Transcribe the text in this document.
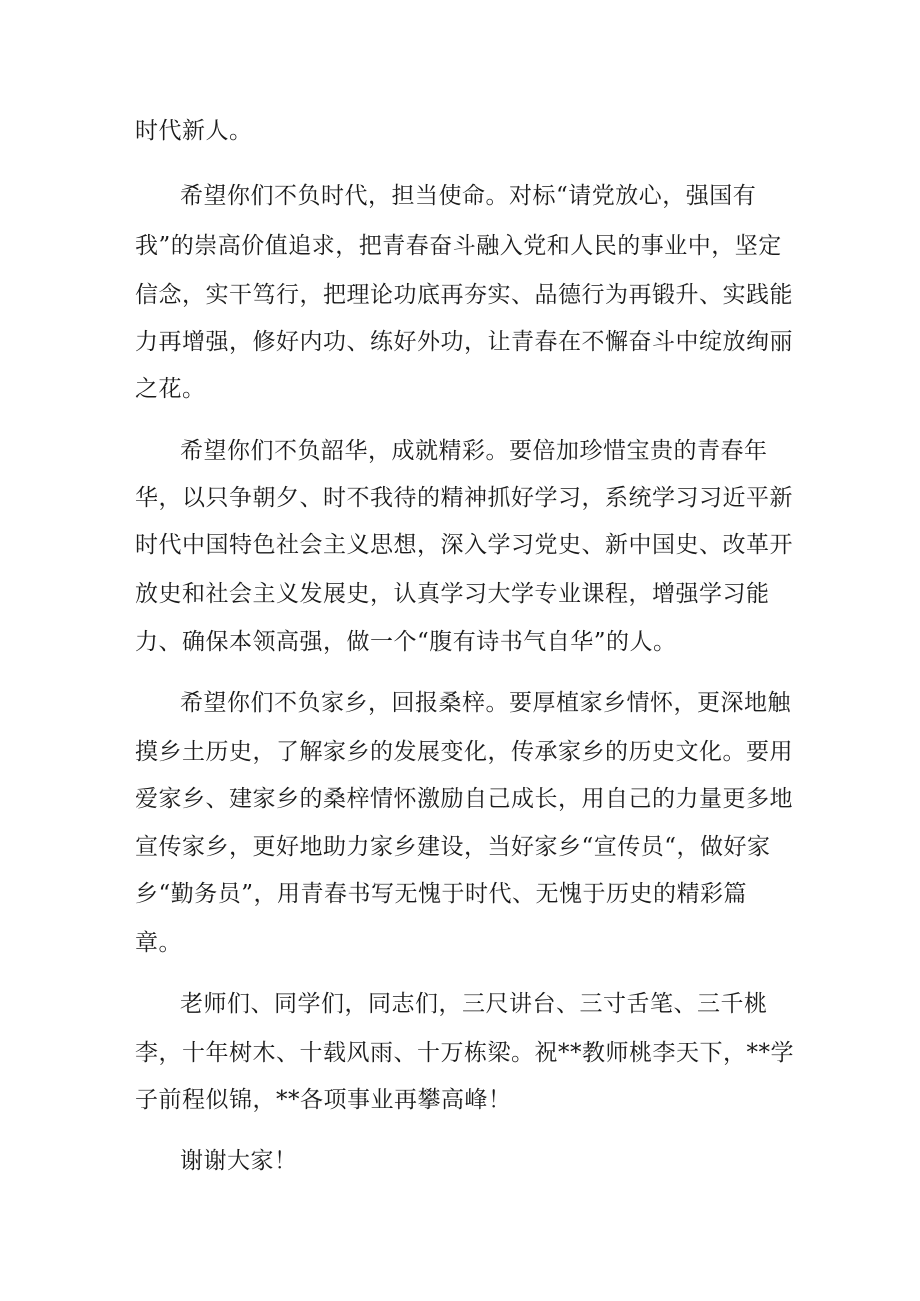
时代新人。
希望你们不负时代，担当使命。对标“请党放心，强国有
我”的崇高价值追求，把青春奋斗融入党和人民的事业中，坚定
信念，实干笃行，把理论功底再夯实、品德行为再锻升、实践能
力再增强，修好内功、练好外功，让青春在不懈奋斗中绽放绚丽
之花。
希望你们不负韶华，成就精彩。要倍加珍惜宝贵的青春年
华，以只争朝夕、时不我待的精神抓好学习，系统学习习近平新
时代中国特色社会主义思想，深入学习党史、新中国史、改革开
放史和社会主义发展史，认真学习大学专业课程，增强学习能
力、确保本领高强，做一个“腹有诗书气自华”的人。
希望你们不负家乡，回报桑梓。要厚植家乡情怀，更深地触
摸乡土历史，了解家乡的发展变化，传承家乡的历史文化。要用
爱家乡、建家乡的桑梓情怀激励自己成长，用自己的力量更多地
宣传家乡，更好地助力家乡建设，当好家乡“宣传员“，做好家
乡“勤务员”，用青春书写无愧于时代、无愧于历史的精彩篇
章。
老师们、同学们，同志们，三尺讲台、三寸舌笔、三千桃
李，十年树木、十载风雨、十万栋梁。祝**教师桃李天下，**学
子前程似锦，**各项事业再攀高峰！
谢谢大家！
